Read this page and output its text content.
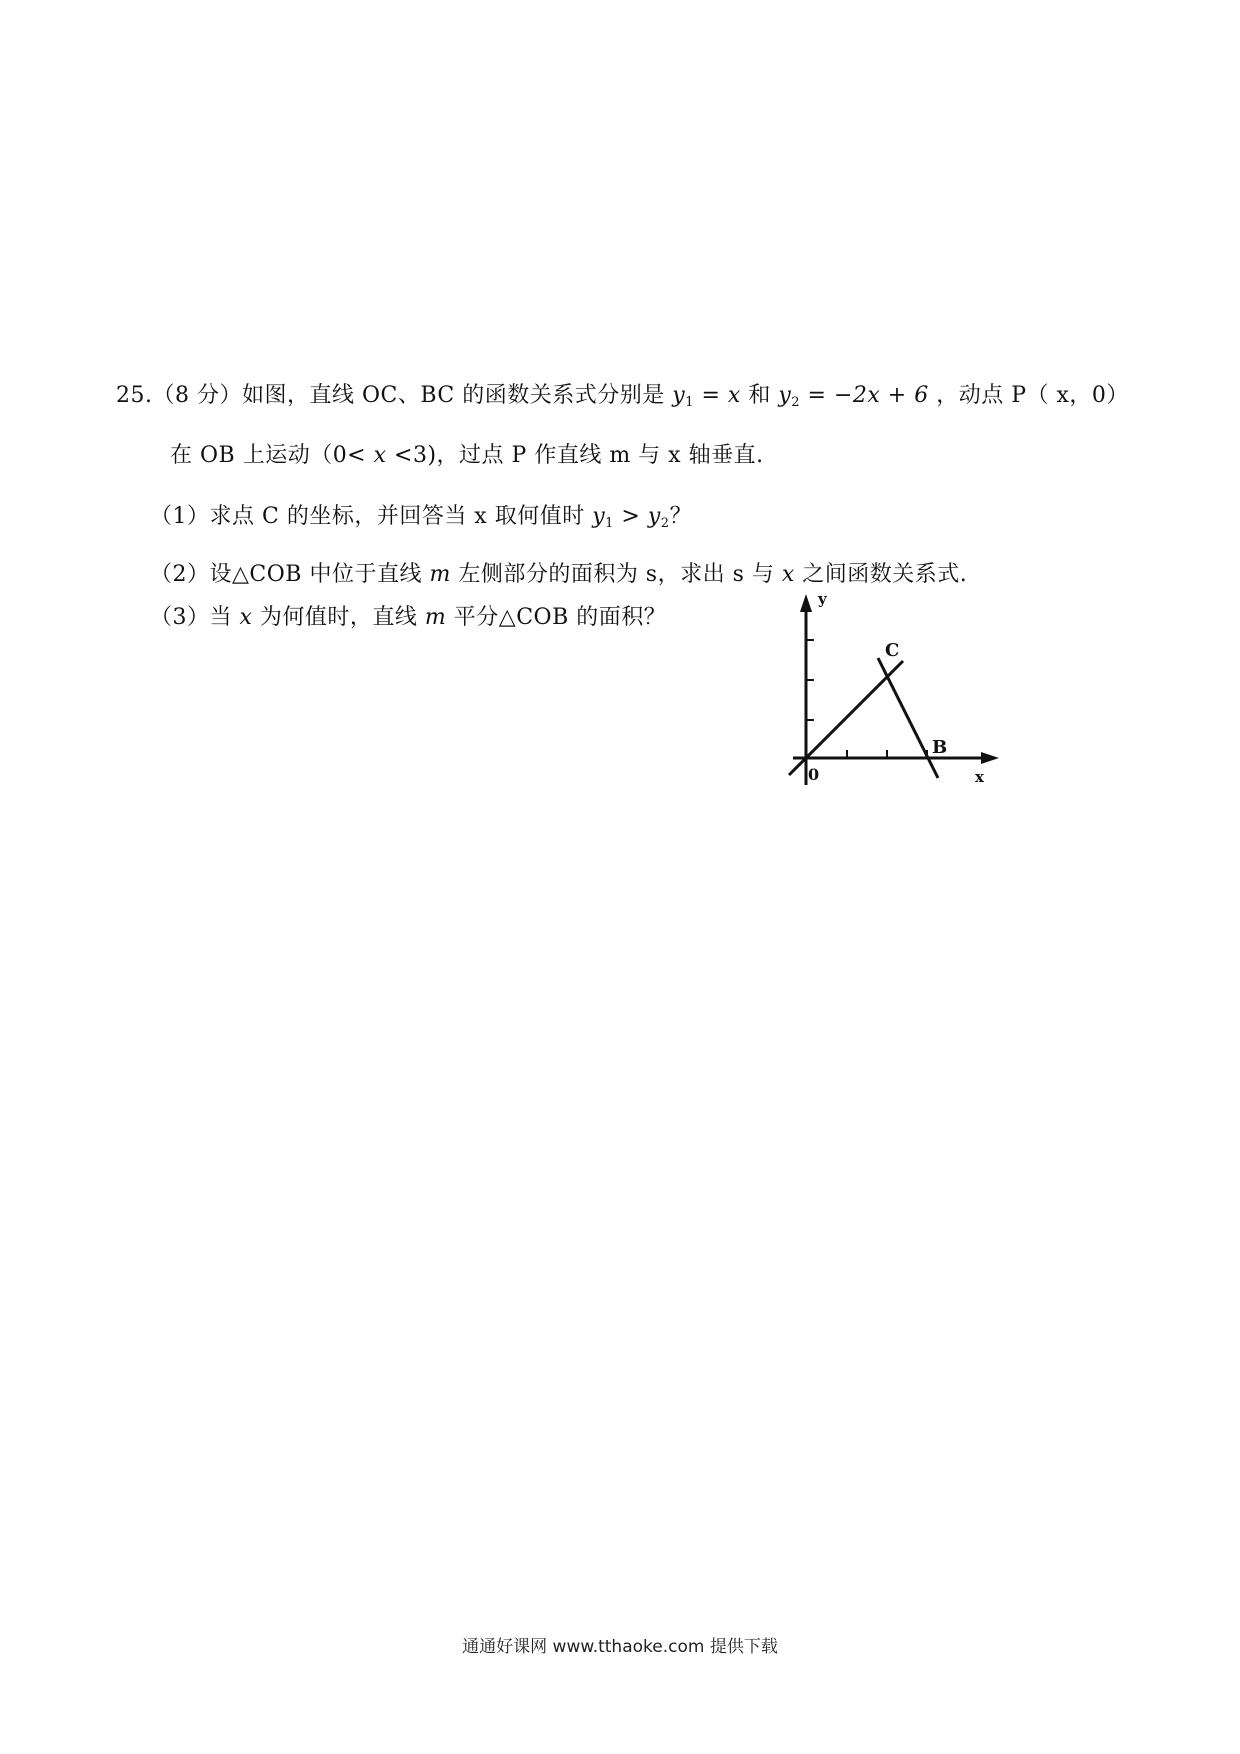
25.（8 分）如图，直线 OC、BC 的函数关系式分别是 $y_1 = x$ 和 $y_2 = -2x + 6$ ，动点 P（ x，0）
在 OB 上运动（0< x <3)，过点 P 作直线 m 与 x 轴垂直.
（1）求点 C 的坐标，并回答当 x 取何值时 $y_1 > y_2$？
（2）设△COB 中位于直线 m 左侧部分的面积为 s，求出 s 与 x 之间函数关系式.
（3）当 x 为何值时，直线 m 平分△COB 的面积？
y
x
0
C
B
通通好课网 www.tthaoke.com 提供下载
